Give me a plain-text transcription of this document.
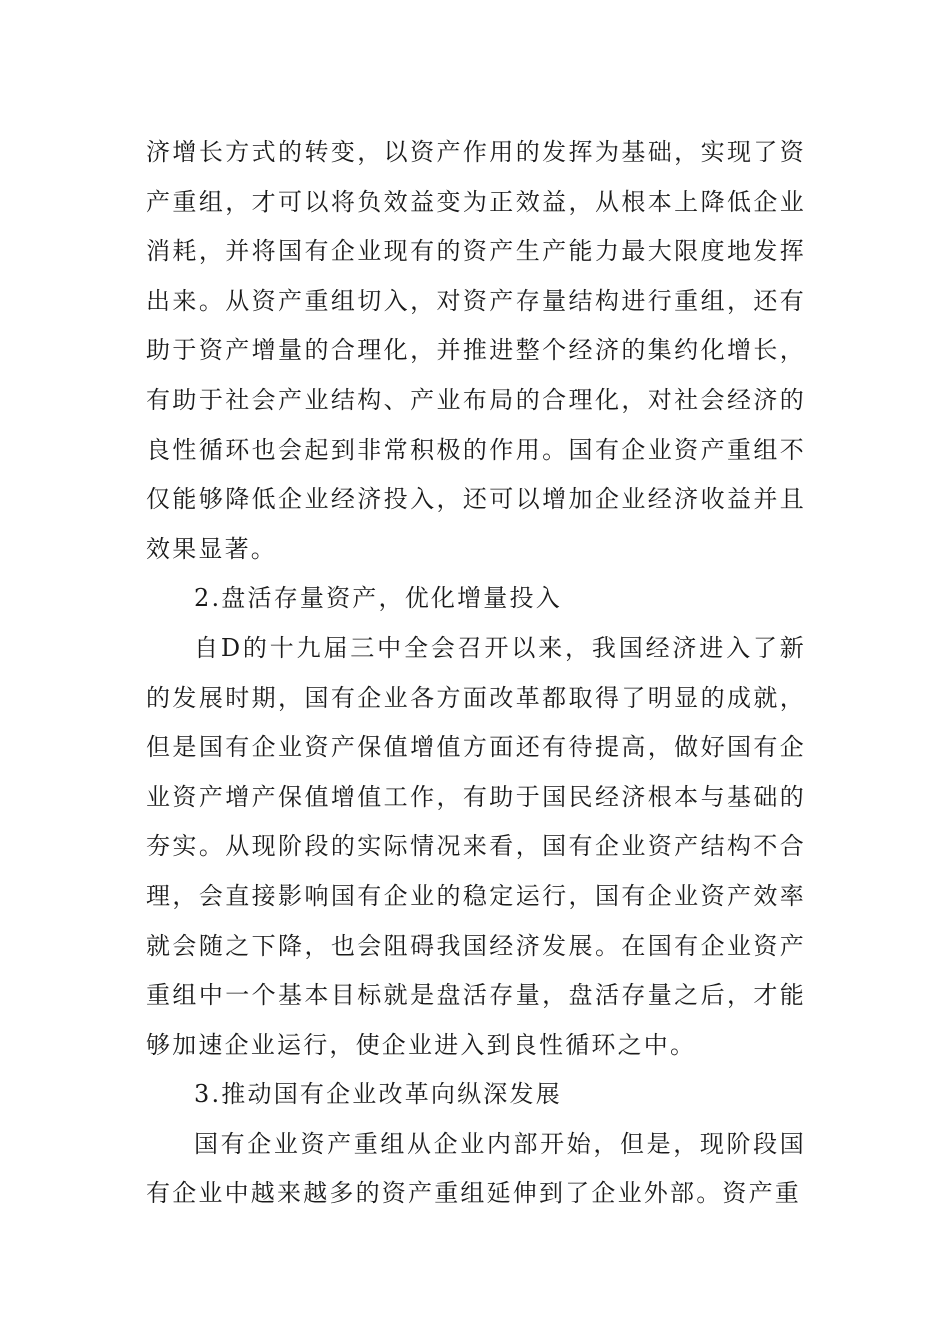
济增长方式的转变，以资产作用的发挥为基础，实现了资产重组，才可以将负效益变为正效益，从根本上降低企业消耗，并将国有企业现有的资产生产能力最大限度地发挥出来。从资产重组切入，对资产存量结构进行重组，还有助于资产增量的合理化，并推进整个经济的集约化增长，有助于社会产业结构、产业布局的合理化，对社会经济的良性循环也会起到非常积极的作用。国有企业资产重组不仅能够降低企业经济投入，还可以增加企业经济收益并且效果显著。

2.盘活存量资产，优化增量投入

自D的十九届三中全会召开以来，我国经济进入了新的发展时期，国有企业各方面改革都取得了明显的成就，但是国有企业资产保值增值方面还有待提高，做好国有企业资产增产保值增值工作，有助于国民经济根本与基础的夯实。从现阶段的实际情况来看，国有企业资产结构不合理，会直接影响国有企业的稳定运行，国有企业资产效率就会随之下降，也会阻碍我国经济发展。在国有企业资产重组中一个基本目标就是盘活存量，盘活存量之后，才能够加速企业运行，使企业进入到良性循环之中。

3.推动国有企业改革向纵深发展

国有企业资产重组从企业内部开始，但是，现阶段国有企业中越来越多的资产重组延伸到了企业外部。资产重
